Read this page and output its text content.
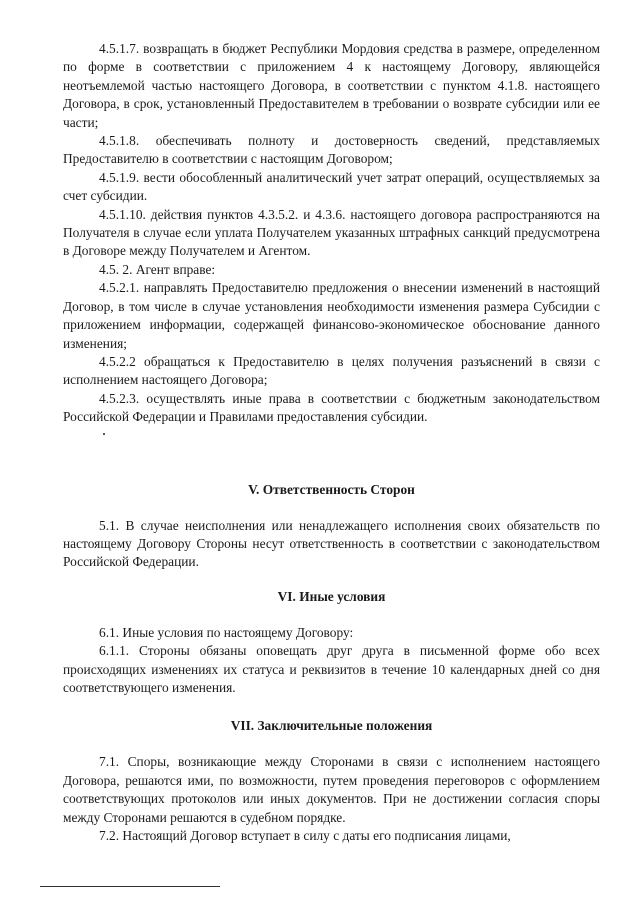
4.5.1.7. возвращать в бюджет Республики Мордовия средства в размере, определенном по форме в соответствии с приложением 4 к настоящему Договору, являющейся неотъемлемой частью настоящего Договора, в соответствии с пунктом 4.1.8. настоящего Договора, в срок, установленный Предоставителем в требовании о возврате субсидии или ее части;

4.5.1.8. обеспечивать полноту и достоверность сведений, представляемых Предоставителю в соответствии с настоящим Договором;

4.5.1.9. вести обособленный аналитический учет затрат операций, осуществляемых за счет субсидии.

4.5.1.10. действия пунктов 4.3.5.2. и 4.3.6. настоящего договора распространяются на Получателя в случае если уплата Получателем указанных штрафных санкций предусмотрена в Договоре между Получателем и Агентом.

4.5. 2. Агент вправе:

4.5.2.1. направлять Предоставителю предложения о внесении изменений в настоящий Договор, в том числе в случае установления необходимости изменения размера Субсидии с приложением информации, содержащей финансово-экономическое обоснование данного изменения;

4.5.2.2 обращаться к Предоставителю в целях получения разъяснений в связи с исполнением настоящего Договора;

4.5.2.3. осуществлять иные права в соответствии с бюджетным законодательством Российской Федерации и Правилами предоставления субсидии.

V. Ответственность Сторон

5.1. В случае неисполнения или ненадлежащего исполнения своих обязательств по настоящему Договору Стороны несут ответственность в соответствии с законодательством Российской Федерации.

VI. Иные условия

6.1. Иные условия по настоящему Договору:

6.1.1. Стороны обязаны оповещать друг друга в письменной форме обо всех происходящих изменениях их статуса и реквизитов в течение 10 календарных дней со дня соответствующего изменения.

VII. Заключительные положения

7.1. Споры, возникающие между Сторонами в связи с исполнением настоящего Договора, решаются ими, по возможности, путем проведения переговоров с оформлением соответствующих протоколов или иных документов. При не достижении согласия споры между Сторонами решаются в судебном порядке.

7.2. Настоящий Договор вступает в силу с даты его подписания лицами,
